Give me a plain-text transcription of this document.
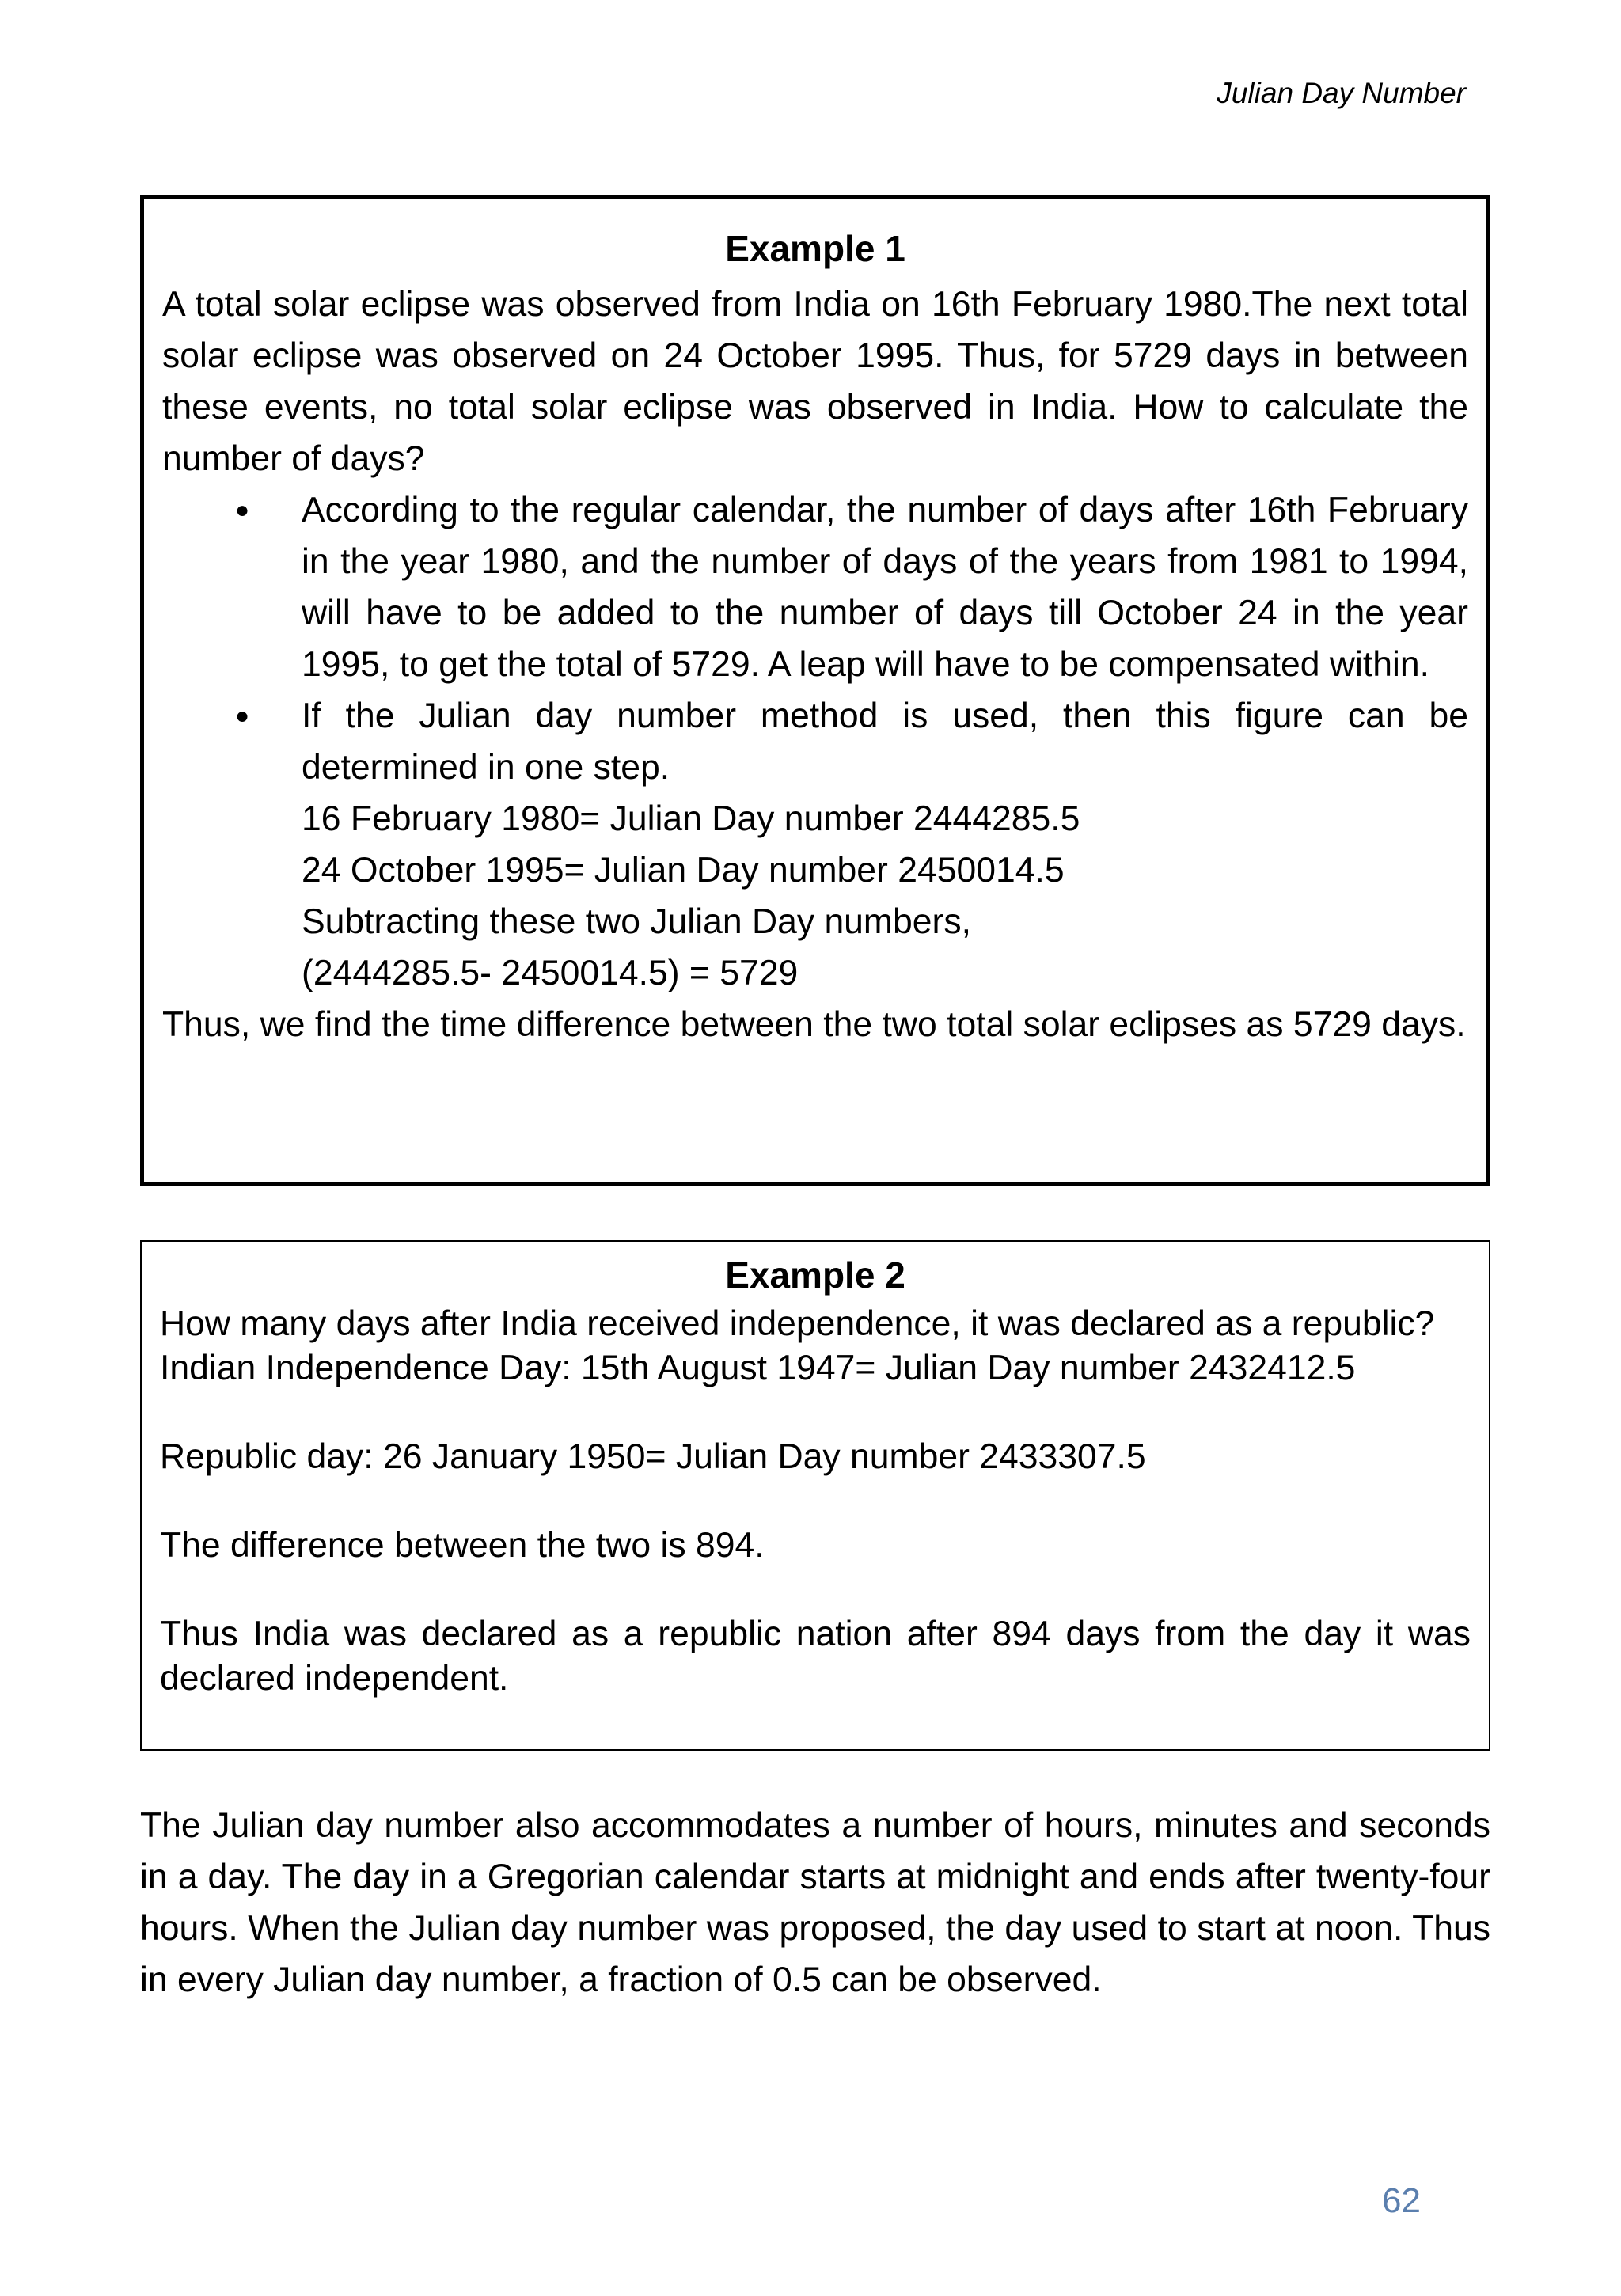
Julian Day Number
Example 1
A total solar eclipse was observed from India on 16th February 1980.The next total solar eclipse was observed on 24 October 1995. Thus, for 5729 days in between these events, no total solar eclipse was observed in India. How to calculate the number of days?
● According to the regular calendar, the number of days after 16th February in the year 1980, and the number of days of the years from 1981 to 1994, will have to be added to the number of days till October 24 in the year 1995, to get the total of 5729. A leap will have to be compensated within.
● If the Julian day number method is used, then this figure can be determined in one step.
16 February 1980= Julian Day number 2444285.5
24 October 1995= Julian Day number 2450014.5
Subtracting these two Julian Day numbers,
(2444285.5- 2450014.5) = 5729
Thus, we find the time difference between the two total solar eclipses as 5729 days.
Example 2
How many days after India received independence, it was declared as a republic?
Indian Independence Day: 15th August 1947= Julian Day number 2432412.5
Republic day: 26 January 1950= Julian Day number 2433307.5
The difference between the two is 894.
Thus India was declared as a republic nation after 894 days from the day it was declared independent.
The Julian day number also accommodates a number of hours, minutes and seconds in a day. The day in a Gregorian calendar starts at midnight and ends after twenty-four hours. When the Julian day number was proposed, the day used to start at noon. Thus in every Julian day number, a fraction of 0.5 can be observed.
62
